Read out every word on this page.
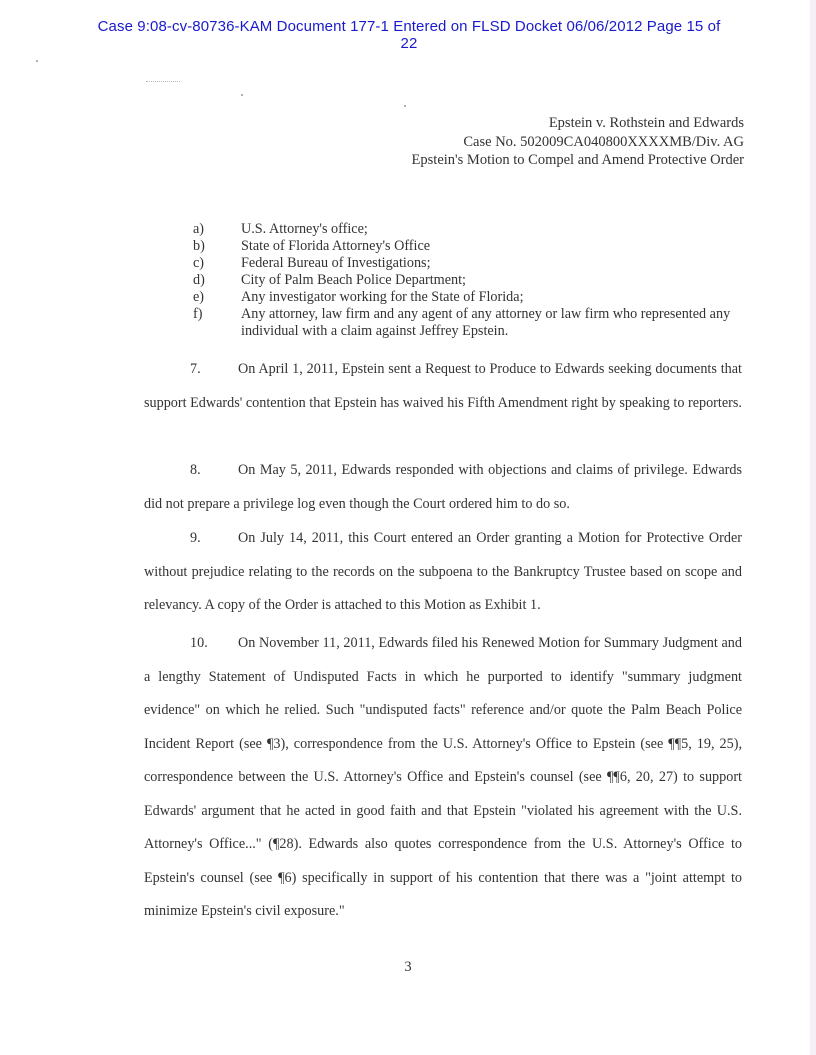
Case 9:08-cv-80736-KAM Document 177-1 Entered on FLSD Docket 06/06/2012 Page 15 of
22
Epstein v. Rothstein and Edwards
Case No. 502009CA040800XXXXMB/Div. AG
Epstein's Motion to Compel and Amend Protective Order
a)	U.S. Attorney's office;
b)	State of Florida Attorney's Office
c)	Federal Bureau of Investigations;
d)	City of Palm Beach Police Department;
e)	Any investigator working for the State of Florida;
f)	Any attorney, law firm and any agent of any attorney or law firm who represented any individual with a claim against Jeffrey Epstein.
7.	On April 1, 2011, Epstein sent a Request to Produce to Edwards seeking documents that support Edwards' contention that Epstein has waived his Fifth Amendment right by speaking to reporters.
8.	On May 5, 2011, Edwards responded with objections and claims of privilege. Edwards did not prepare a privilege log even though the Court ordered him to do so.
9.	On July 14, 2011, this Court entered an Order granting a Motion for Protective Order without prejudice relating to the records on the subpoena to the Bankruptcy Trustee based on scope and relevancy. A copy of the Order is attached to this Motion as Exhibit 1.
10. On November 11, 2011, Edwards filed his Renewed Motion for Summary Judgment and a lengthy Statement of Undisputed Facts in which he purported to identify "summary judgment evidence" on which he relied. Such "undisputed facts" reference and/or quote the Palm Beach Police Incident Report (see ¶3), correspondence from the U.S. Attorney's Office to Epstein (see ¶¶5, 19, 25), correspondence between the U.S. Attorney's Office and Epstein's counsel (see ¶¶6, 20, 27) to support Edwards' argument that he acted in good faith and that Epstein "violated his agreement with the U.S. Attorney's Office..." (¶28). Edwards also quotes correspondence from the U.S. Attorney's Office to Epstein's counsel (see ¶6) specifically in support of his contention that there was a "joint attempt to minimize Epstein's civil exposure."
3
